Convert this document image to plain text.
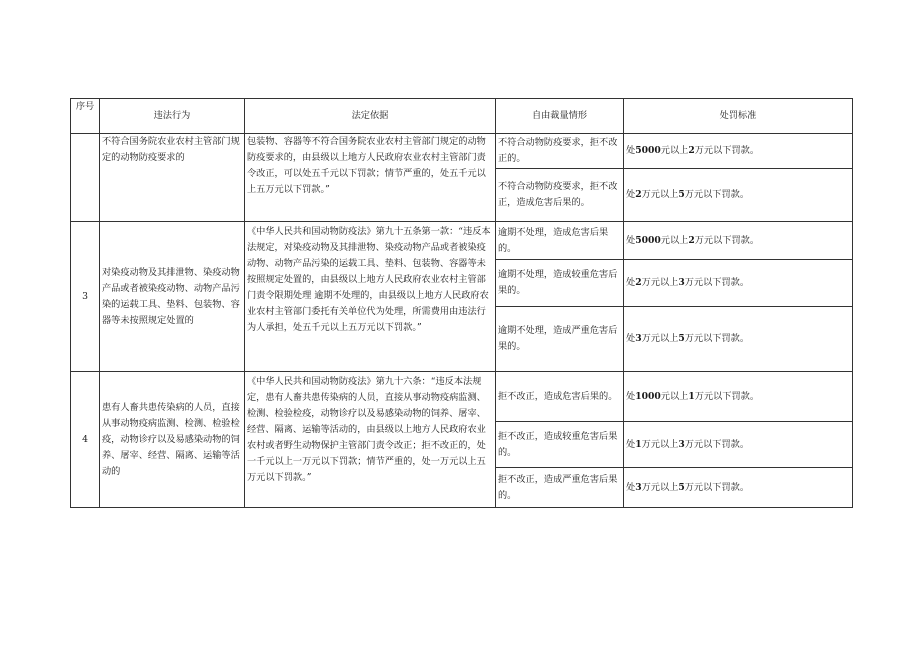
序号	违法行为	法定依据	自由裁量情形	处罚标准
	不符合国务院农业农村主管部门规定的动物防疫要求的	包装物、容器等不符合国务院农业农村主管部门规定的动物防疫要求的，由县级以上地方人民政府农业农村主管部门责令改正，可以处五千元以下罚款；情节严重的，处五千元以上五万元以下罚款。”	不符合动物防疫要求，拒不改正的。	处5000元以上2万元以下罚款。
			不符合动物防疫要求，拒不改正，造成危害后果的。	处2万元以上5万元以下罚款。
3	对染疫动物及其排泄物、染疫动物产品或者被染疫动物、动物产品污染的运载工具、垫料、包装物、容器等未按照规定处置的	《中华人民共和国动物防疫法》第九十五条第一款：“违反本法规定，对染疫动物及其排泄物、染疫动物产品或者被染疫动物、动物产品污染的运载工具、垫料、包装物、容器等未按照规定处置的，由县级以上地方人民政府农业农村主管部门责令限期处理 逾期不处理的，由县级以上地方人民政府农业农村主管部门委托有关单位代为处理，所需费用由违法行为人承担，处五千元以上五万元以下罚款。”	逾期不处理，造成危害后果的。	处5000元以上2万元以下罚款。
			逾期不处理，造成较重危害后果的。	处2万元以上3万元以下罚款。
			逾期不处理，造成严重危害后果的。	处3万元以上5万元以下罚款。
4	患有人畜共患传染病的人员，直接从事动物疫病监测、检测、检验检疫，动物诊疗以及易感染动物的饲养、屠宰、经营、隔离、运输等活动的	《中华人民共和国动物防疫法》第九十六条：“违反本法规定，患有人畜共患传染病的人员，直接从事动物疫病监测、检测、检验检疫，动物诊疗以及易感染动物的饲养、屠宰、经营、隔离、运输等活动的，由县级以上地方人民政府农业农村或者野生动物保护主管部门责令改正；拒不改正的，处一千元以上一万元以下罚款；情节严重的，处一万元以上五万元以下罚款。”	拒不改正，造成危害后果的。	处1000元以上1万元以下罚款。
			拒不改正，造成较重危害后果的。	处1万元以上3万元以下罚款。
			拒不改正，造成严重危害后果的。	处3万元以上5万元以下罚款。
